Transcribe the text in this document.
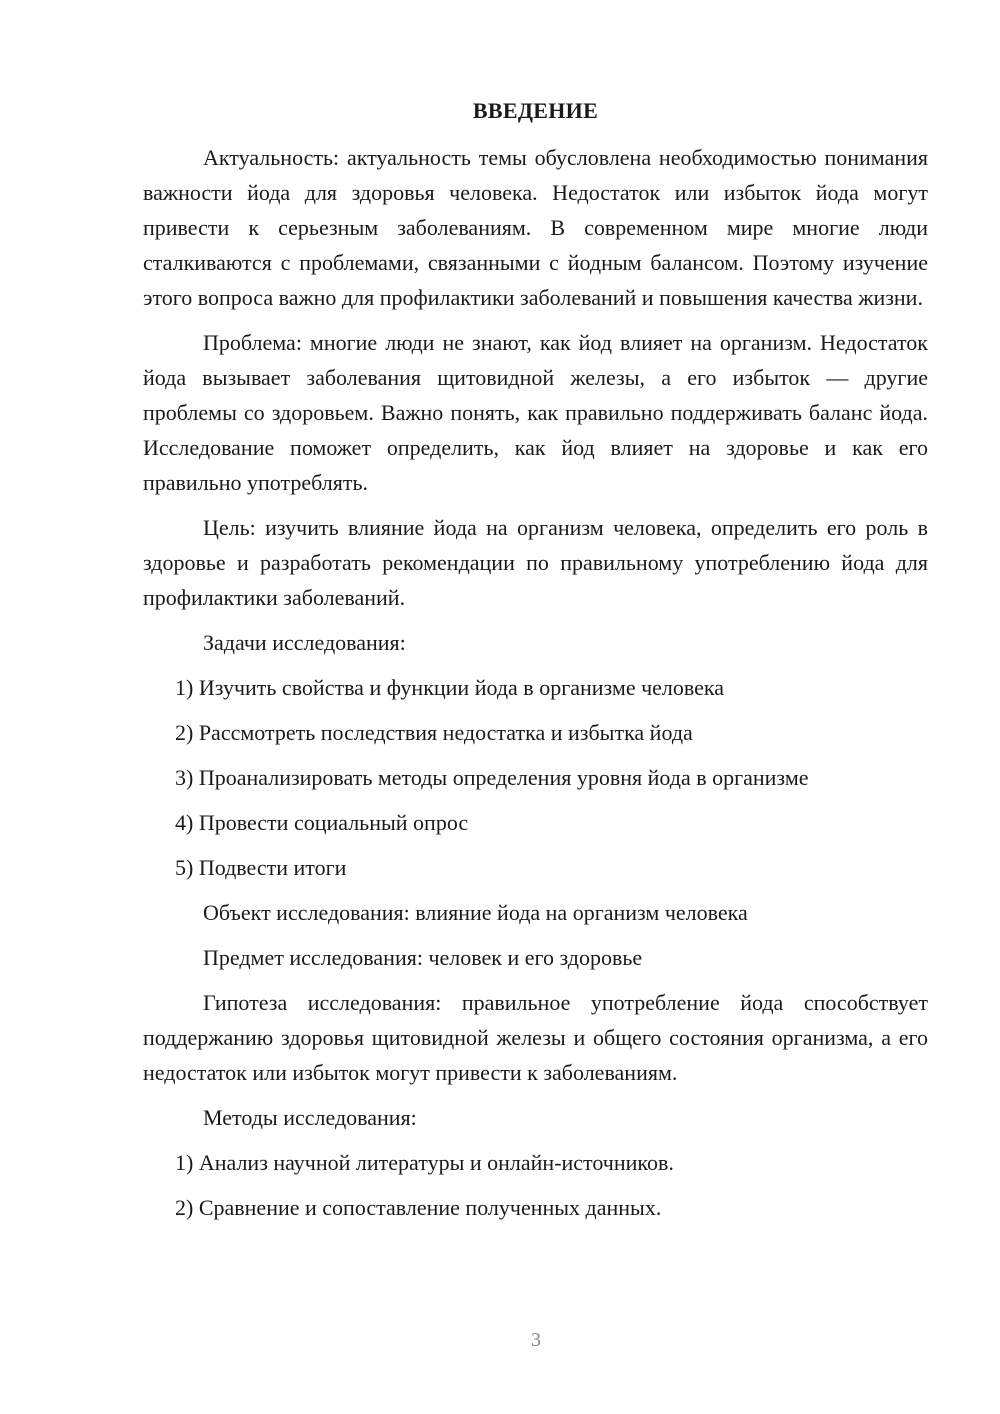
ВВЕДЕНИЕ

Актуальность: актуальность темы обусловлена необходимостью понимания важности йода для здоровья человека. Недостаток или избыток йода могут привести к серьезным заболеваниям. В современном мире многие люди сталкиваются с проблемами, связанными с йодным балансом. Поэтому изучение этого вопроса важно для профилактики заболеваний и повышения качества жизни.

Проблема: многие люди не знают, как йод влияет на организм. Недостаток йода вызывает заболевания щитовидной железы, а его избыток — другие проблемы со здоровьем. Важно понять, как правильно поддерживать баланс йода. Исследование поможет определить, как йод влияет на здоровье и как его правильно употреблять.

Цель: изучить влияние йода на организм человека, определить его роль в здоровье и разработать рекомендации по правильному употреблению йода для профилактики заболеваний.

Задачи исследования:

1) Изучить свойства и функции йода в организме человека
2) Рассмотреть последствия недостатка и избытка йода
3) Проанализировать методы определения уровня йода в организме
4) Провести социальный опрос
5) Подвести итоги

Объект исследования: влияние йода на организм человека

Предмет исследования: человек и его здоровье

Гипотеза исследования: правильное употребление йода способствует поддержанию здоровья щитовидной железы и общего состояния организма, а его недостаток или избыток могут привести к заболеваниям.

Методы исследования:

1) Анализ научной литературы и онлайн-источников.
2) Сравнение и сопоставление полученных данных.
3
